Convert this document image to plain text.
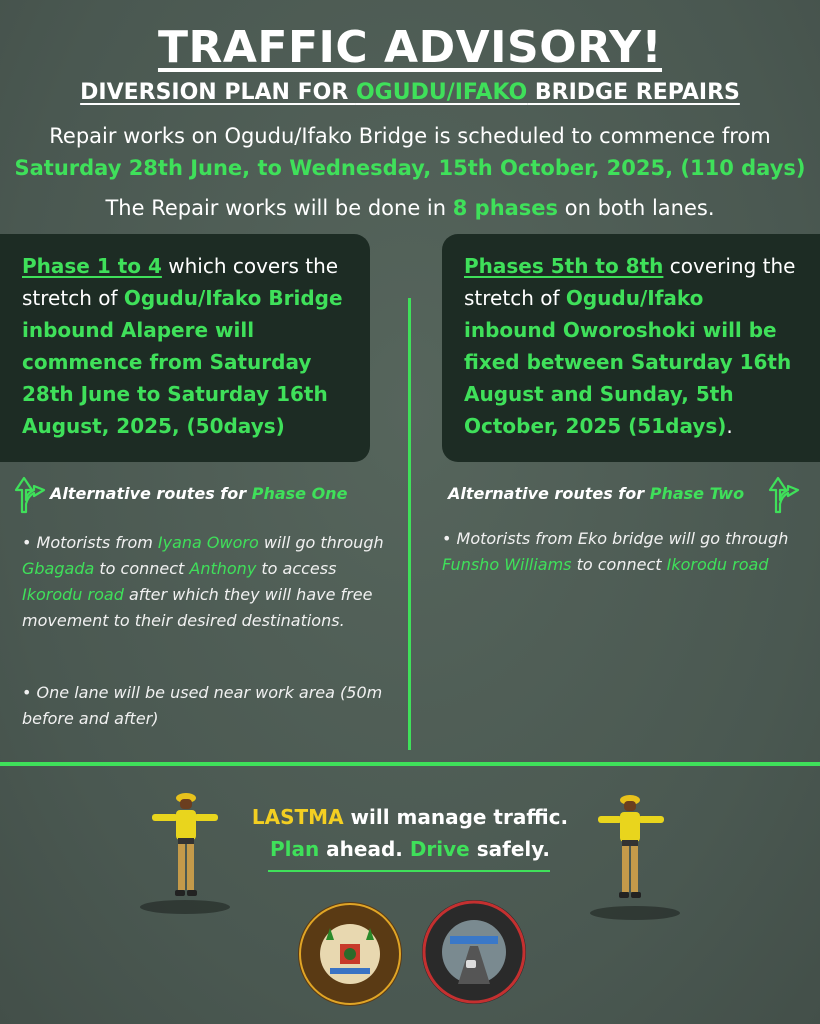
TRAFFIC ADVISORY!
DIVERSION PLAN FOR OGUDU/IFAKO BRIDGE REPAIRS
Repair works on Ogudu/Ifako Bridge is scheduled to commence from
Saturday 28th June, to Wednesday, 15th October, 2025, (110 days)
The Repair works will be done in 8 phases on both lanes.
Phase 1 to 4 which covers the stretch of Ogudu/Ifako Bridge inbound Alapere will commence from Saturday 28th June to Saturday 16th August, 2025, (50days)
Phases 5th to 8th covering the stretch of Ogudu/Ifako inbound Oworoshoki will be fixed between Saturday 16th August and Sunday, 5th October, 2025 (51days).
Alternative routes for Phase One	Alternative routes for Phase Two
• Motorists from Iyana Oworo will go through Gbagada to connect Anthony to access Ikorodu road after which they will have free movement to their desired destinations.
• One lane will be used near work area (50m before and after)
• Motorists from Eko bridge will go through Funsho Williams to connect Ikorodu road
LASTMA will manage traffic.
Plan ahead. Drive safely.
